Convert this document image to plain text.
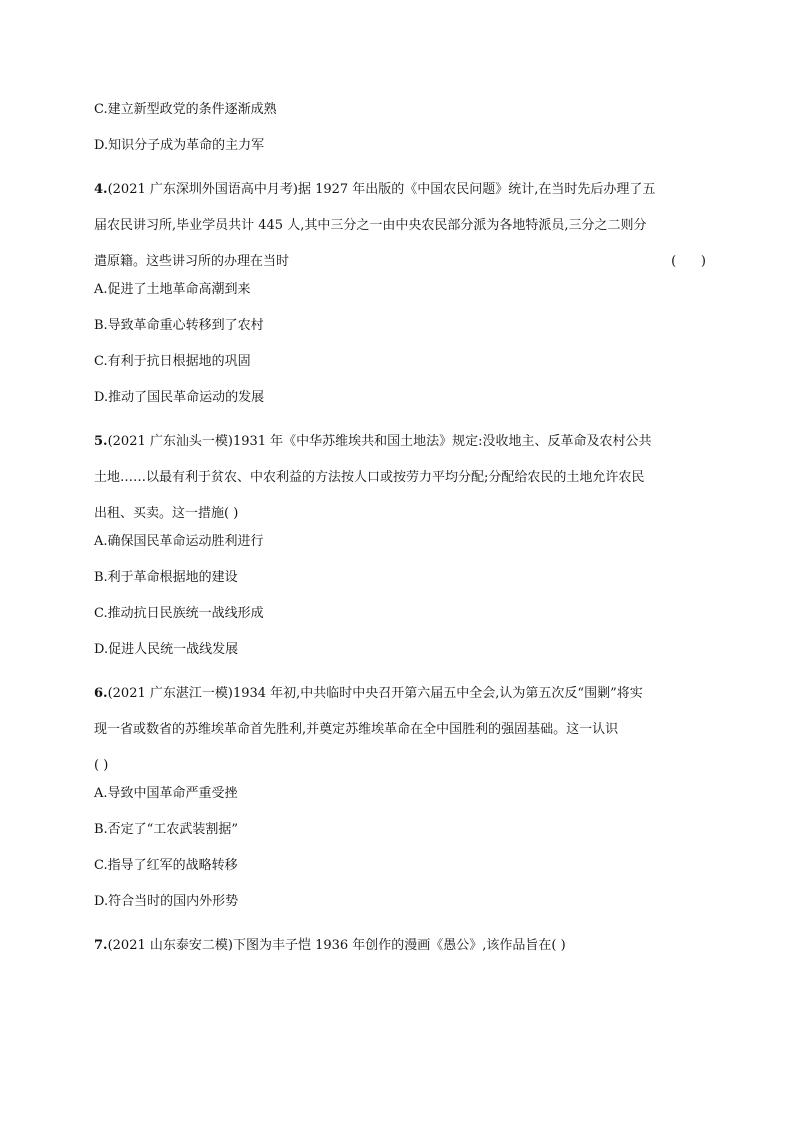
C.建立新型政党的条件逐渐成熟

D.知识分子成为革命的主力军

4.(2021 广东深圳外国语高中月考)据 1927 年出版的《中国农民问题》统计,在当时先后办理了五
届农民讲习所,毕业学员共计 445 人,其中三分之一由中央农民部分派为各地特派员,三分之二则分
遣原籍。这些讲习所的办理在当时	(      )

A.促进了土地革命高潮到来

B.导致革命重心转移到了农村

C.有利于抗日根据地的巩固

D.推动了国民革命运动的发展

5.(2021 广东汕头一模)1931 年《中华苏维埃共和国土地法》规定:没收地主、反革命及农村公共
土地……以最有利于贫农、中农利益的方法按人口或按劳力平均分配;分配给农民的土地允许农民
出租、买卖。这一措施( )

A.确保国民革命运动胜利进行

B.利于革命根据地的建设

C.推动抗日民族统一战线形成

D.促进人民统一战线发展

6.(2021 广东湛江一模)1934 年初,中共临时中央召开第六届五中全会,认为第五次反“围剿”将实
现一省或数省的苏维埃革命首先胜利,并奠定苏维埃革命在全中国胜利的强固基础。这一认识
( )

A.导致中国革命严重受挫

B.否定了“工农武装割据”

C.指导了红军的战略转移

D.符合当时的国内外形势

7.(2021 山东泰安二模)下图为丰子恺 1936 年创作的漫画《愚公》,该作品旨在( )
